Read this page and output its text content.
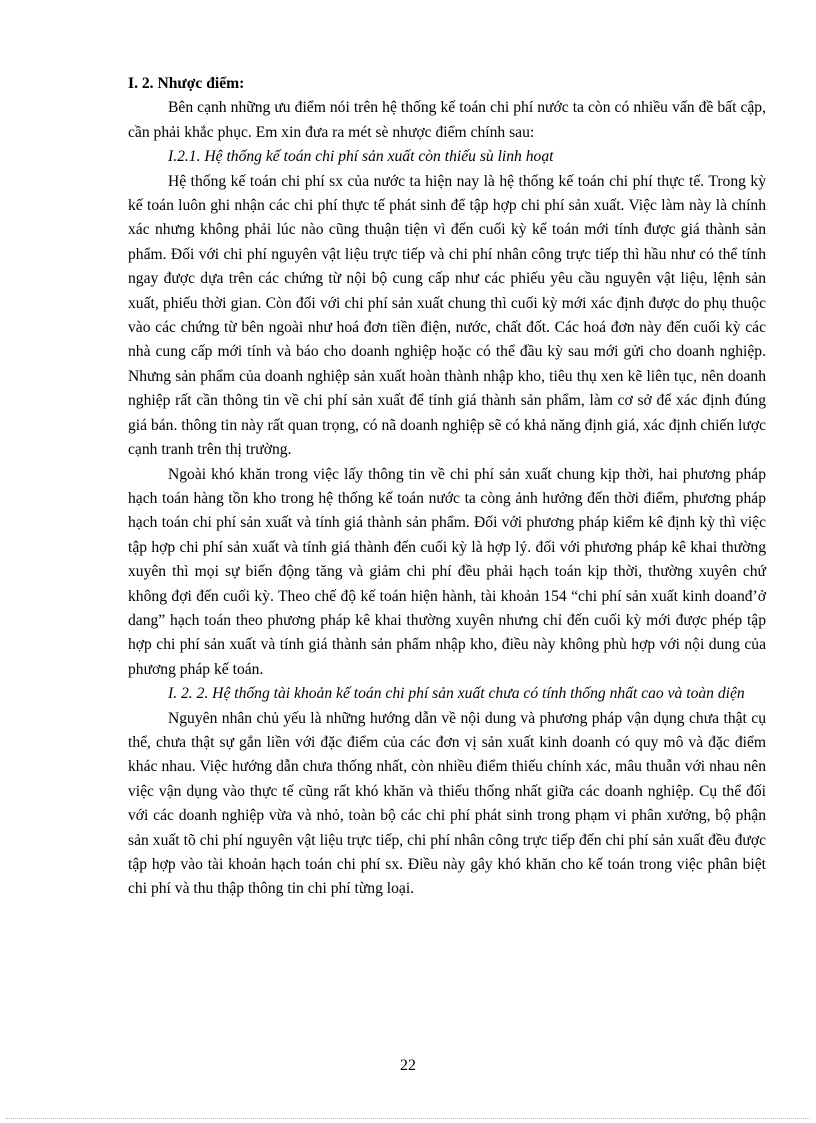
I. 2. Nhược điểm:

Bên cạnh những ưu điểm nói trên hệ thống kế toán chi phí nước ta còn có nhiều vấn đề bất cập, cần phải khắc phục. Em xin đưa ra mét sè nhược điểm chính sau:

I.2.1. Hệ thống kế toán chi phí sản xuất còn thiếu sù linh hoạt

Hệ thống kế toán chi phí sx của nước ta hiện nay là hệ thống kế toán chi phí thực tế. Trong kỳ kế toán luôn ghi nhận các chi phí thực tế phát sinh để tập hợp chi phí sản xuất. Việc làm này là chính xác nhưng không phải lúc nào cũng thuận tiện vì đến cuối kỳ kế toán mới tính được giá thành sản phẩm. Đối với chi phí nguyên vật liệu trực tiếp và chi phí nhân công trực tiếp thì hầu như có thể tính ngay được dựa trên các chứng từ nội bộ cung cấp như các phiếu yêu cầu nguyên vật liệu, lệnh sản xuất, phiếu thời gian. Còn đối với chi phí sản xuất chung thì cuối kỳ mới xác định được do phụ thuộc vào các chứng từ bên ngoài như hoá đơn tiền điện, nước, chất đốt. Các hoá đơn này đến cuối kỳ các nhà cung cấp mới tính và báo cho doanh nghiệp hoặc có thể đầu kỳ sau mới gửi cho doanh nghiệp. Nhưng sản phẩm của doanh nghiệp sản xuất hoàn thành nhập kho, tiêu thụ xen kẽ liên tục, nên doanh nghiệp rất cần thông tin về chi phí sản xuất để tính giá thành sản phẩm, làm cơ sở để xác định đúng giá bán. thông tin này rất quan trọng, có nã doanh nghiệp sẽ có khả năng định giá, xác định chiến lược cạnh tranh trên thị trường.

Ngoài khó khăn trong việc lấy thông tin về chi phí sản xuất chung kịp thời, hai phương pháp hạch toán hàng tồn kho trong hệ thống kế toán nước ta còng ảnh hưởng đến thời điểm, phương pháp hạch toán chi phí sản xuất và tính giá thành sản phẩm. Đối với phương pháp kiểm kê định kỳ thì việc tập hợp chi phí sản xuất và tính giá thành đến cuối kỳ là hợp lý. đối với phương pháp kê khai thường xuyên thì mọi sự biến động tăng và giảm chi phí đều phải hạch toán kịp thời, thường xuyên chứ không đợi đến cuối kỳ. Theo chế độ kế toán hiện hành, tài khoản 154 “chi phí sản xuất kinh doanđ’ở dang” hạch toán theo phương pháp kê khai thường xuyên nhưng chỉ đến cuối kỳ mới được phép tập hợp chi phí sản xuất và tính giá thành sản phẩm nhập kho, điều này không phù hợp với nội dung của phương pháp kế toán.

I. 2. 2. Hệ thống tài khoản kế toán chi phí sản xuất chưa có tính thống nhất cao và toàn diện

Nguyên nhân chủ yếu là những hướng dẫn về nội dung và phương pháp vận dụng chưa thật cụ thể, chưa thật sự gắn liền với đặc điểm của các đơn vị sản xuất kinh doanh có quy mô và đặc điểm khác nhau. Việc hướng dẫn chưa thống nhất, còn nhiều điểm thiếu chính xác, mâu thuẫn với nhau nên việc vận dụng vào thực tế cũng rất khó khăn và thiếu thống nhất giữa các doanh nghiệp. Cụ thể đối với các doanh nghiệp vừa và nhỏ, toàn bộ các chi phí phát sinh trong phạm vi phân xưởng, bộ phận sản xuất tõ chi phí nguyên vật liệu trực tiếp, chi phí nhân công trực tiếp đến chi phí sản xuất đều được tập hợp vào tài khoản hạch toán chi phí sx. Điều này gây khó khăn cho kế toán trong việc phân biệt chi phí và thu thập thông tin chi phí từng loại.

22
